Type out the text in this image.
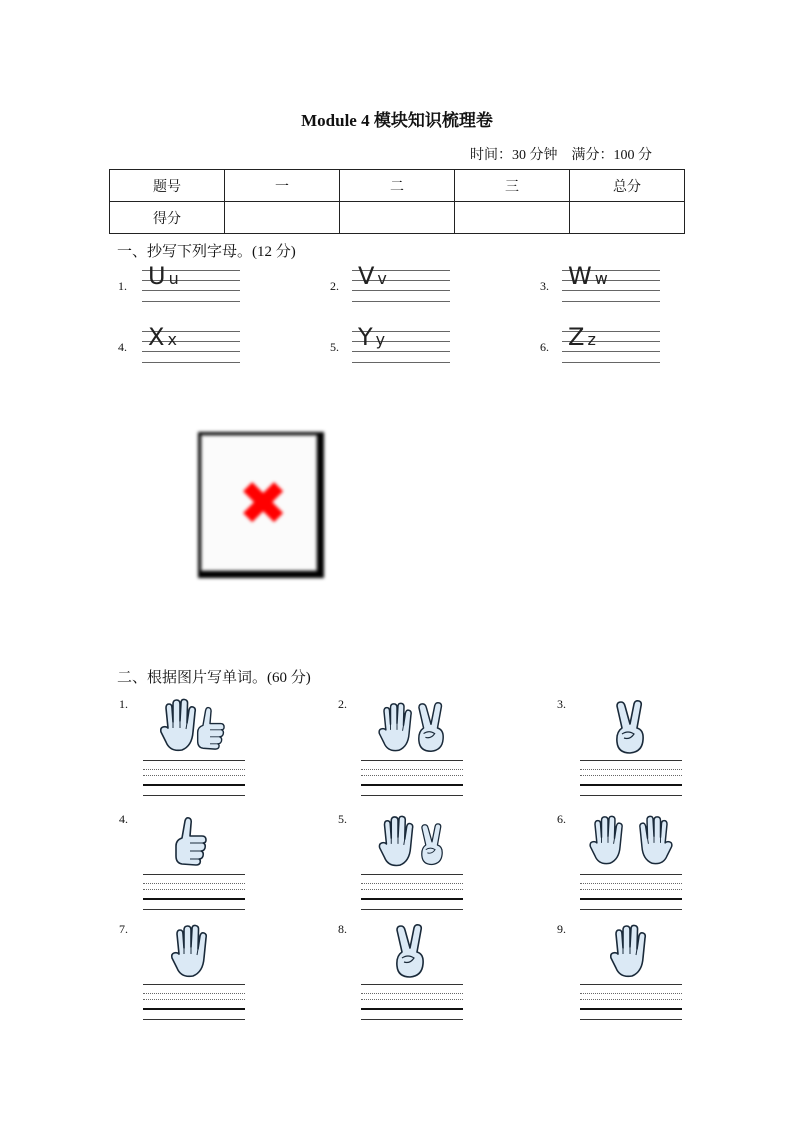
Module 4 模块知识梳理卷
时间：30 分钟    满分：100 分
题号	一	二	三	总分
得分				
一、抄写下列字母。(12 分)
1. Uu	2. Vv	3. Ww
4. Xx	5. Yy	6. Zz
✖
二、根据图片写单词。(60 分)
1.	2.	3.
4.	5.	6.
7.	8.	9.
